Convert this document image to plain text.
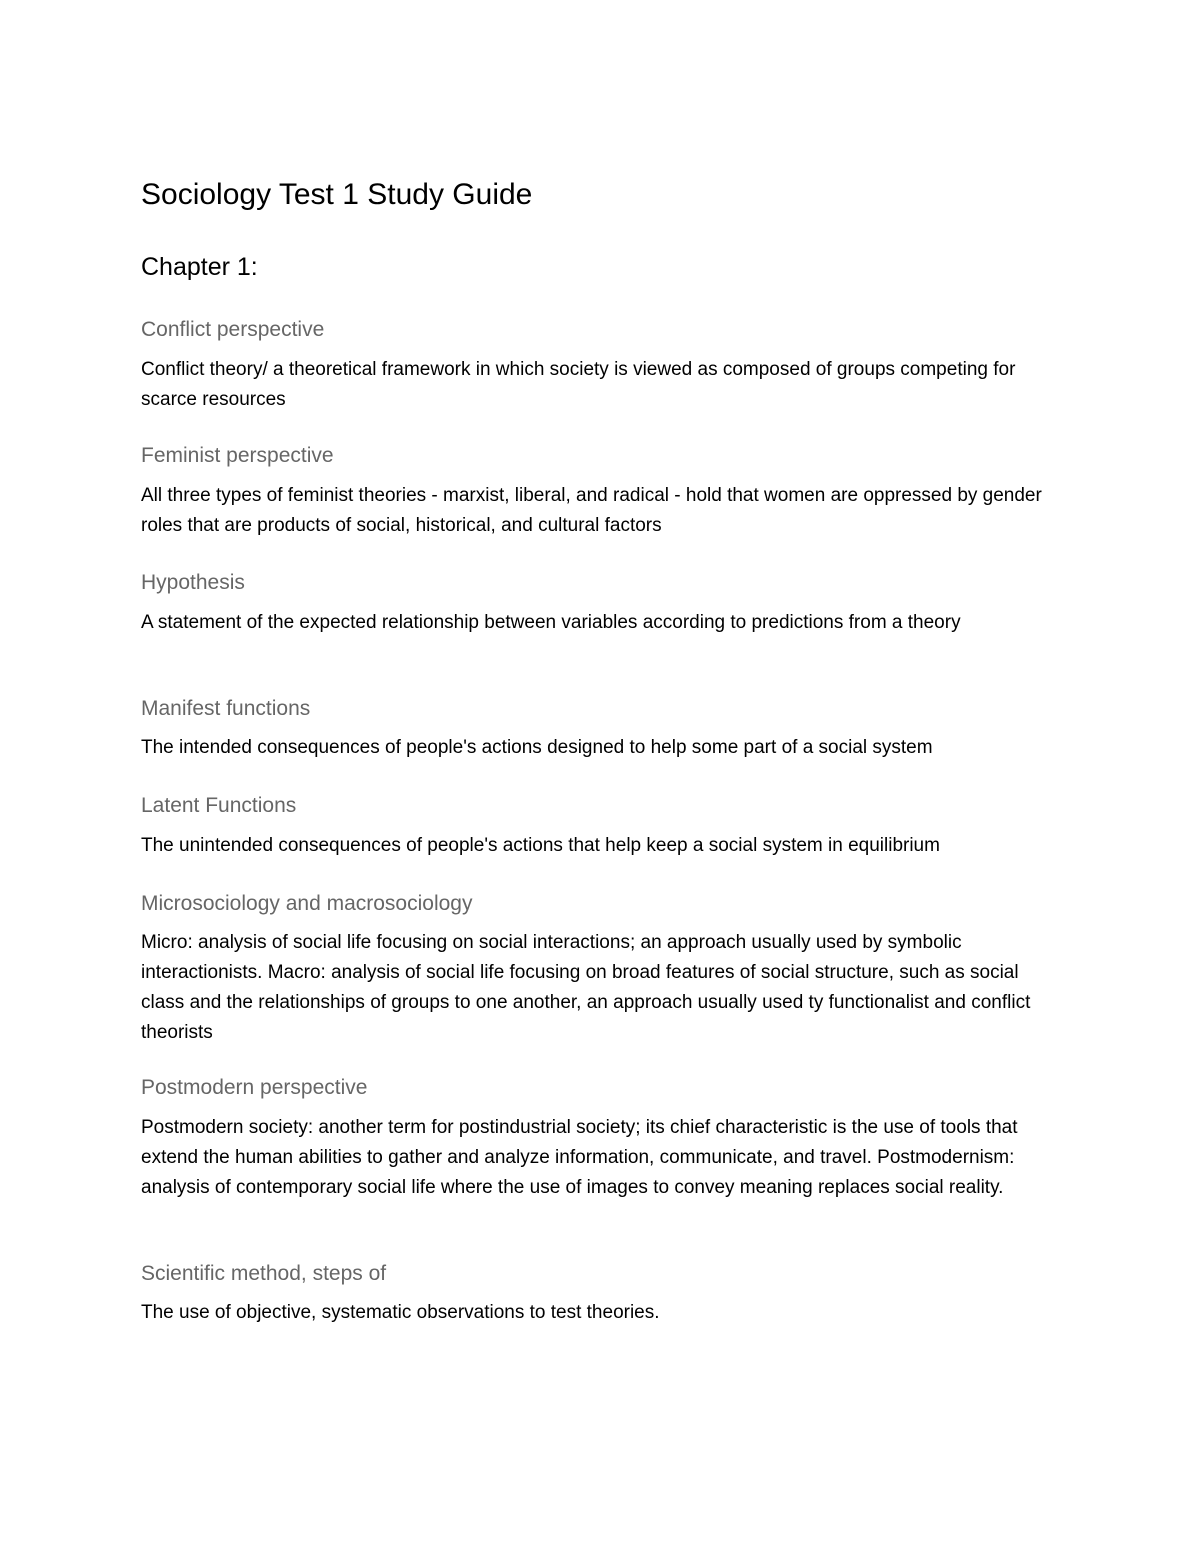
Sociology Test 1 Study Guide
Chapter 1:
Conflict perspective

Conflict theory/ a theoretical framework in which society is viewed as composed of groups competing for scarce resources

Feminist perspective

All three types of feminist theories - marxist, liberal, and radical - hold that women are oppressed by gender roles that are products of social, historical, and cultural factors

Hypothesis

A statement of the expected relationship between variables according to predictions from a theory

Manifest functions

The intended consequences of people's actions designed to help some part of a social system

Latent Functions

The unintended consequences of people's actions that help keep a social system in equilibrium

Microsociology and macrosociology

Micro: analysis of social life focusing on social interactions; an approach usually used by symbolic interactionists. Macro: analysis of social life focusing on broad features of social structure, such as social class and the relationships of groups to one another, an approach usually used ty functionalist and conflict theorists

Postmodern perspective

Postmodern society: another term for postindustrial society; its chief characteristic is the use of tools that extend the human abilities to gather and analyze information, communicate, and travel. Postmodernism: analysis of contemporary social life where the use of images to convey meaning replaces social reality.

Scientific method, steps of

The use of objective, systematic observations to test theories.
